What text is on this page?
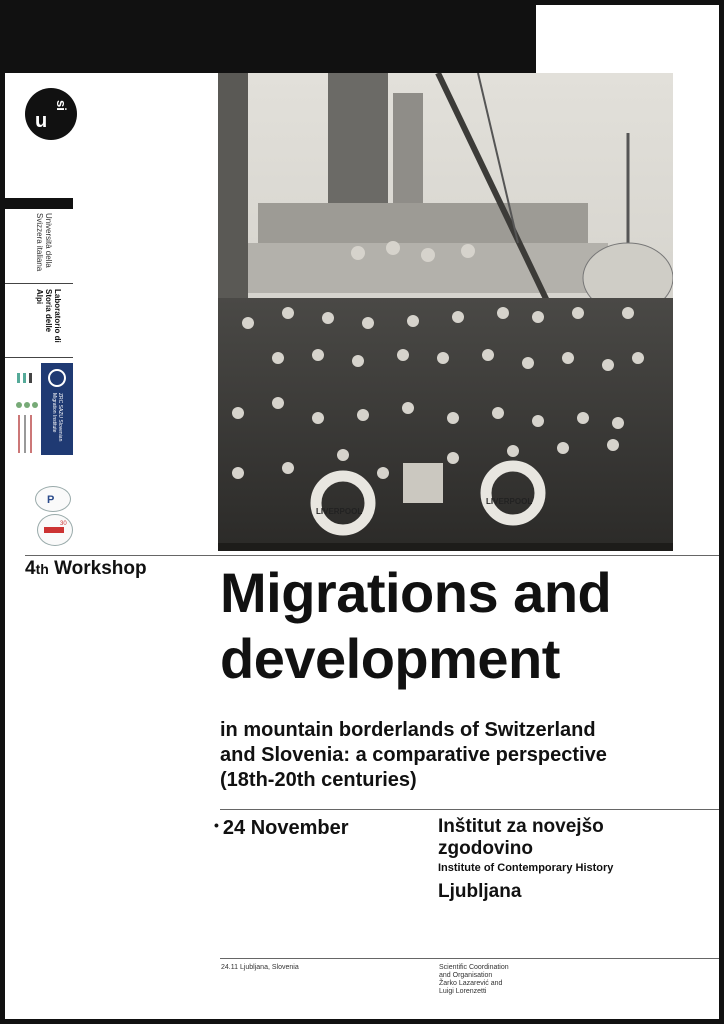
u
si
Università della Svizzera italiana
Laboratorio di Storia delle Alpi
ZRC SAZU Slovenian Migration Institute
P
30
LIVERPOOL
LIVERPOOL
4th Workshop Migrations and
development
in mountain borderlands of Switzerland
and Slovenia: a comparative perspective
(18th-20th centuries)
• 24 November	Inštitut za novejšo
zgodovino
Institute of Contemporary History
Ljubljana
24.11 Ljubljana, Slovenia	Scientific Coordination
and Organisation
Žarko Lazarević and
Luigi Lorenzetti
